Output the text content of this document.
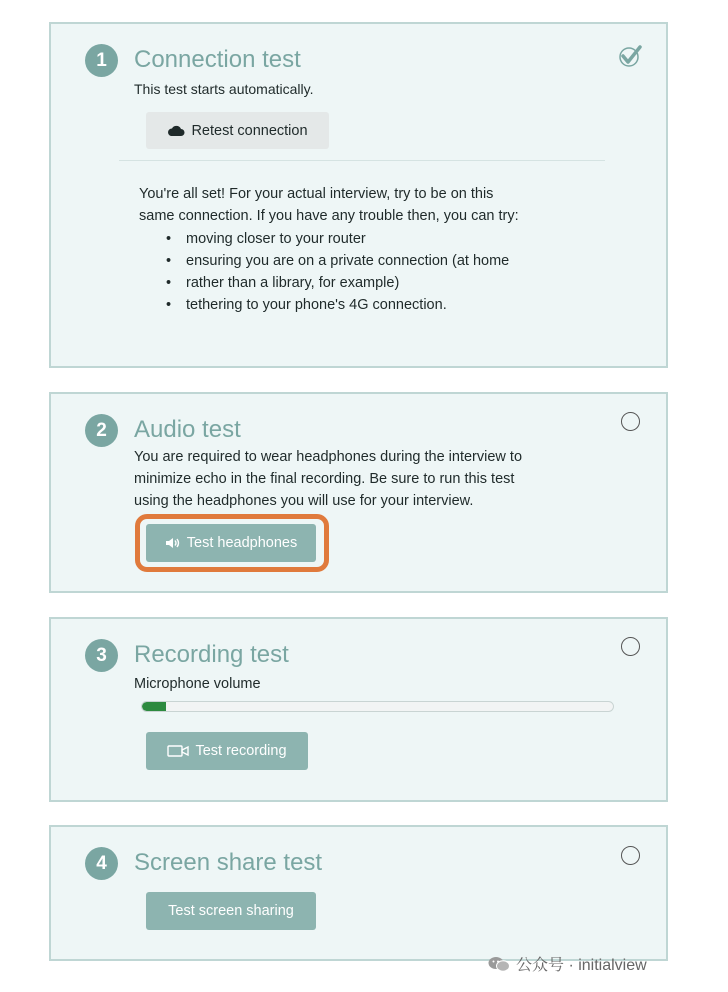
1	Connection test
This test starts automatically.
Retest connection
You're all set! For your actual interview, try to be on this
same connection. If you have any trouble then, you can try:
• moving closer to your router
• ensuring you are on a private connection (at home
• rather than a library, for example)
• tethering to your phone's 4G connection.
2	Audio test
You are required to wear headphones during the interview to
minimize echo in the final recording. Be sure to run this test
using the headphones you will use for your interview.
Test headphones
3	Recording test
Microphone volume
Test recording
4	Screen share test
Test screen sharing
公众号 · initialview
